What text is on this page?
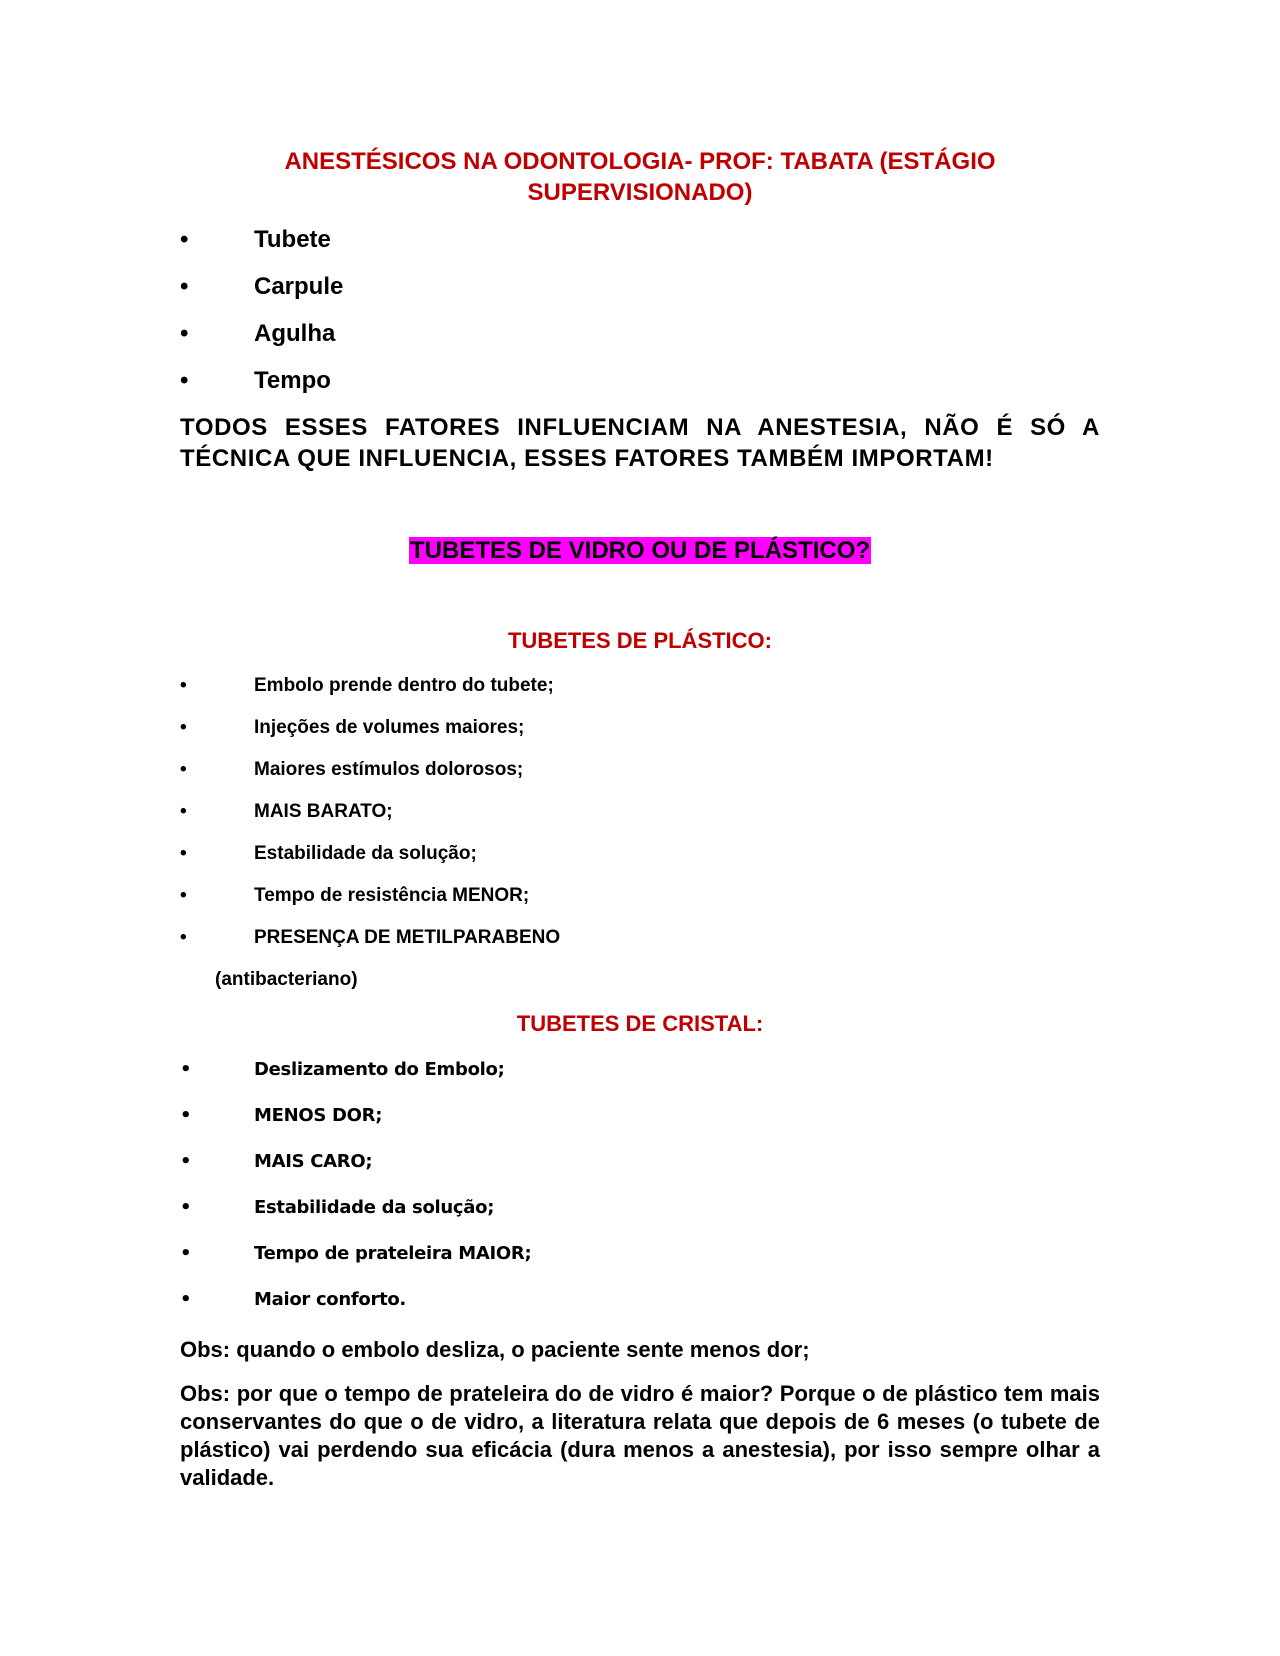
ANESTÉSICOS NA ODONTOLOGIA- PROF: TABATA (ESTÁGIO SUPERVISIONADO)
•	Tubete
•	Carpule
•	Agulha
•	Tempo
TODOS ESSES FATORES INFLUENCIAM NA ANESTESIA, NÃO É SÓ A TÉCNICA QUE INFLUENCIA, ESSES FATORES TAMBÉM IMPORTAM!
TUBETES DE VIDRO OU DE PLÁSTICO?
TUBETES DE PLÁSTICO:
•	Embolo prende dentro do tubete;
•	Injeções de volumes maiores;
•	Maiores estímulos dolorosos;
•	MAIS BARATO;
•	Estabilidade da solução;
•	Tempo de resistência MENOR;
•	PRESENÇA DE METILPARABENO
(antibacteriano)
TUBETES DE CRISTAL:
•	Deslizamento do Embolo;
•	MENOS DOR;
•	MAIS CARO;
•	Estabilidade da solução;
•	Tempo de prateleira MAIOR;
•	Maior conforto.
Obs: quando o embolo desliza, o paciente sente menos dor;
Obs: por que o tempo de prateleira do de vidro é maior? Porque o de plástico tem mais conservantes do que o de vidro, a literatura relata que depois de 6 meses (o tubete de plástico) vai perdendo sua eficácia (dura menos a anestesia), por isso sempre olhar a validade.
